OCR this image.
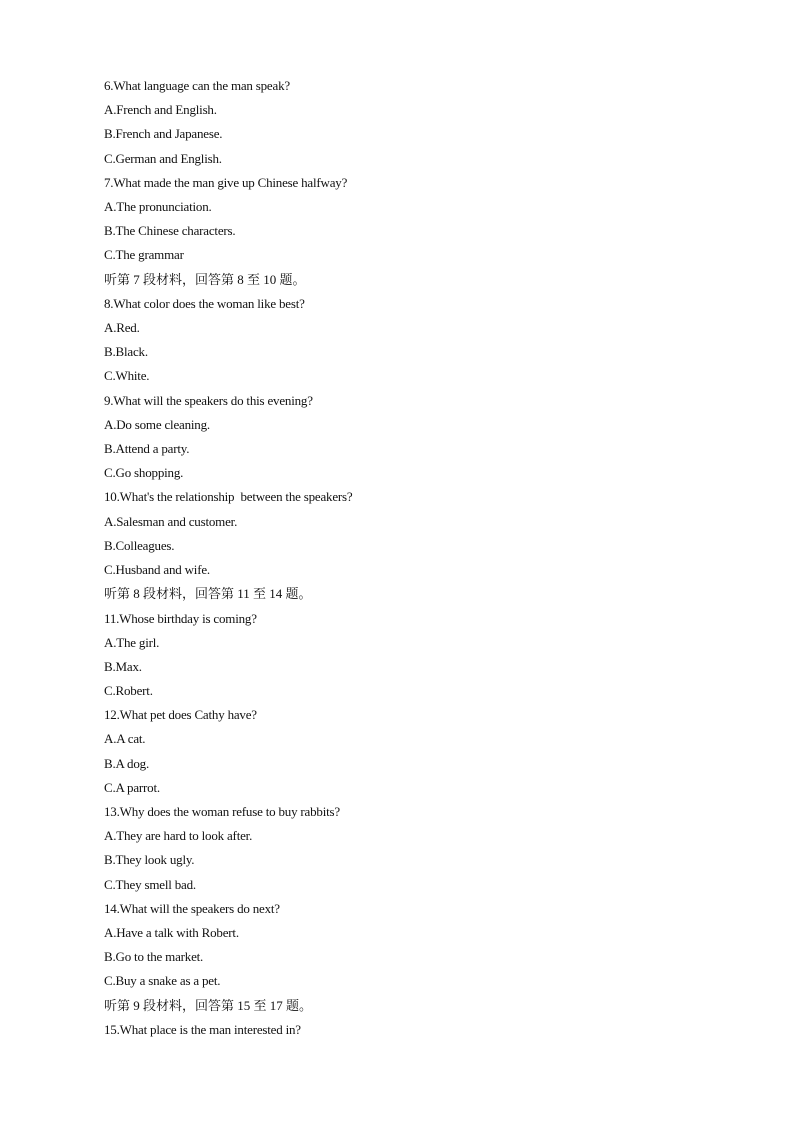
6.What language can the man speak?
A.French and English.
B.French and Japanese.
C.German and English.
7.What made the man give up Chinese halfway?
A.The pronunciation.
B.The Chinese characters.
C.The grammar
听第 7 段材料，回答第 8 至 10 题。
8.What color does the woman like best?
A.Red.
B.Black.
C.White.
9.What will the speakers do this evening?
A.Do some cleaning.
B.Attend a party.
C.Go shopping.
10.What's the relationship  between the speakers?
A.Salesman and customer.
B.Colleagues.
C.Husband and wife.
听第 8 段材料，回答第 11 至 14 题。
11.Whose birthday is coming?
A.The girl.
B.Max.
C.Robert.
12.What pet does Cathy have?
A.A cat.
B.A dog.
C.A parrot.
13.Why does the woman refuse to buy rabbits?
A.They are hard to look after.
B.They look ugly.
C.They smell bad.
14.What will the speakers do next?
A.Have a talk with Robert.
B.Go to the market.
C.Buy a snake as a pet.
听第 9 段材料，回答第 15 至 17 题。
15.What place is the man interested in?
